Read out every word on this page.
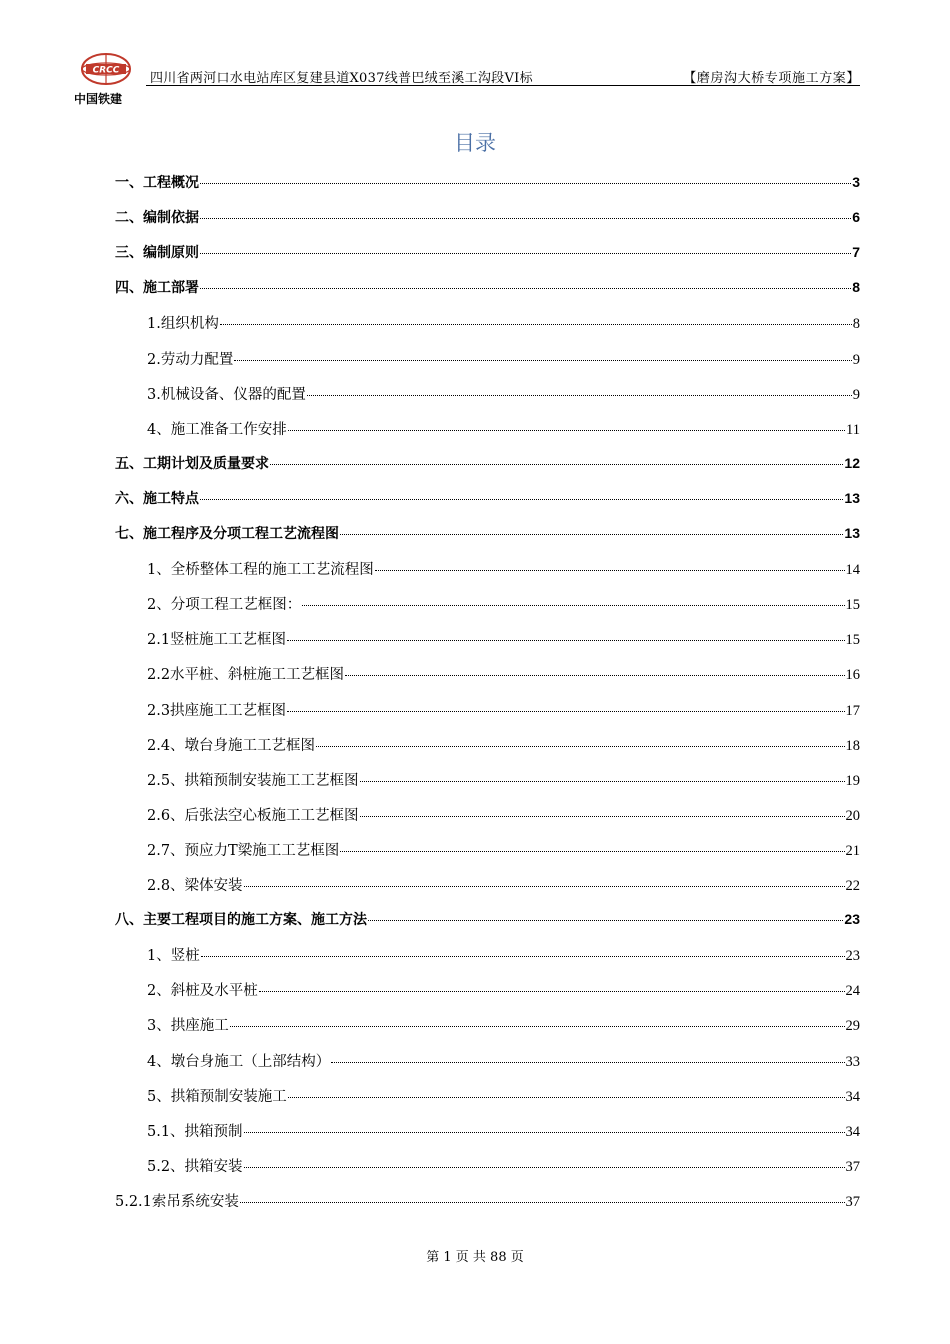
CRCC
中国铁建
四川省两河口水电站库区复建县道X037线普巴绒至溪工沟段VI标	【磨房沟大桥专项施工方案】
目录
一、工程概况	3
二、编制依据	6
三、编制原则	7
四、施工部署	8
1.组织机构	8
2.劳动力配置	9
3.机械设备、仪器的配置	9
4、施工准备工作安排	11
五、工期计划及质量要求	12
六、施工特点	13
七、施工程序及分项工程工艺流程图	13
1、全桥整体工程的施工工艺流程图	14
2、分项工程工艺框图：	15
2.1竖桩施工工艺框图	15
2.2水平桩、斜桩施工工艺框图	16
2.3拱座施工工艺框图	17
2.4、墩台身施工工艺框图	18
2.5、拱箱预制安装施工工艺框图	19
2.6、后张法空心板施工工艺框图	20
2.7、预应力T梁施工工艺框图	21
2.8、梁体安装	22
八、主要工程项目的施工方案、施工方法	23
1、竖桩	23
2、斜桩及水平桩	24
3、拱座施工	29
4、墩台身施工（上部结构）	33
5、拱箱预制安装施工	34
5.1、拱箱预制	34
5.2、拱箱安装	37
5.2.1索吊系统安装	37
第 1 页 共 88 页
